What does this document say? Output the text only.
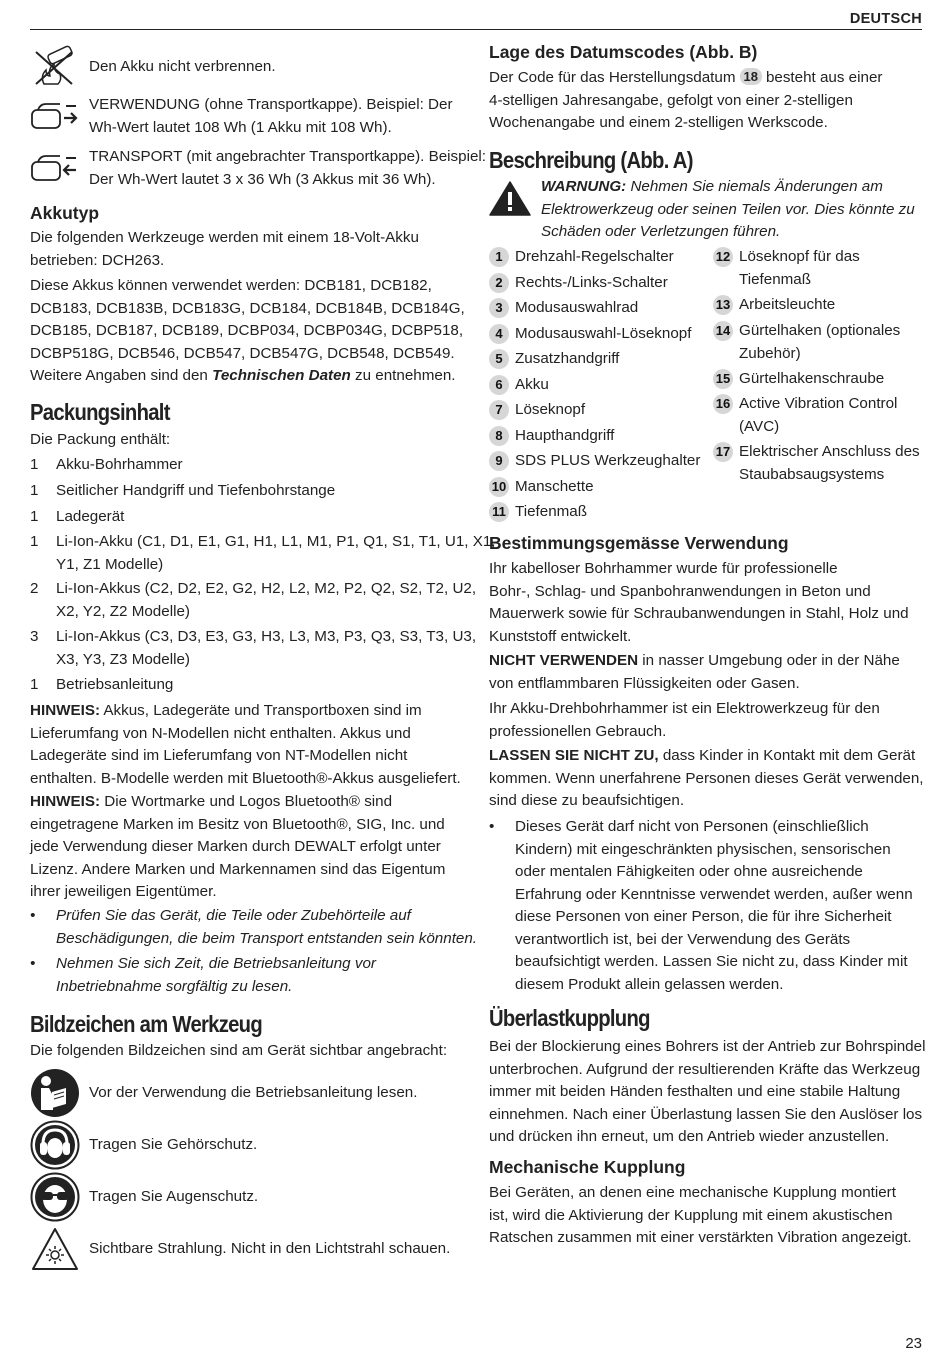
DEUTSCH
Den Akku nicht verbrennen.
VERWENDUNG (ohne Transportkappe). Beispiel: Der
Wh-Wert lautet 108 Wh (1 Akku mit 108 Wh).
TRANSPORT (mit angebrachter Transportkappe). Beispiel:
Der Wh-Wert lautet 3 x 36 Wh (3 Akkus mit 36 Wh).
Akkutyp

Die folgenden Werkzeuge werden mit einem 18-Volt-Akku

betrieben: DCH263.

Diese Akkus können verwendet werden: DCB181, DCB182,

DCB183, DCB183B, DCB183G, DCB184, DCB184B, DCB184G,

DCB185, DCB187, DCB189, DCBP034, DCBP034G, DCBP518,

DCBP518G, DCB546, DCB547, DCB547G, DCB548, DCB549.

Weitere Angaben sind den Technischen Daten zu entnehmen.
Packungsinhalt
Die Packung enthält:
1 Akku-Bohrhammer
1 Seitlicher Handgriff und Tiefenbohrstange
1 Ladegerät
1 Li-Ion-Akku (C1, D1, E1, G1, H1, L1, M1, P1, Q1, S1, T1, U1, X1,
Y1, Z1 Modelle)
2 Li-Ion-Akkus (C2, D2, E2, G2, H2, L2, M2, P2, Q2, S2, T2, U2,
X2, Y2, Z2 Modelle)
3 Li-Ion-Akkus (C3, D3, E3, G3, H3, L3, M3, P3, Q3, S3, T3, U3,
X3, Y3, Z3 Modelle)
1 Betriebsanleitung

HINWEIS: Akkus, Ladegeräte und Transportboxen sind im

Lieferumfang von N-Modellen nicht enthalten. Akkus und

Ladegeräte sind im Lieferumfang von NT-Modellen nicht

enthalten. B-Modelle werden mit Bluetooth®-Akkus ausgeliefert.

HINWEIS: Die Wortmarke und Logos Bluetooth® sind

eingetragene Marken im Besitz von Bluetooth®, SIG, Inc. und

jede Verwendung dieser Marken durch DEWALT erfolgt unter

Lizenz. Andere Marken und Markennamen sind das Eigentum

ihrer jeweiligen Eigentümer.

• Prüfen Sie das Gerät, die Teile oder Zubehörteile auf
Beschädigungen, die beim Transport entstanden sein könnten.
• Nehmen Sie sich Zeit, die Betriebsanleitung vor
Inbetriebnahme sorgfältig zu lesen.
Bildzeichen am Werkzeug
Die folgenden Bildzeichen sind am Gerät sichtbar angebracht:
Vor der Verwendung die Betriebsanleitung lesen.
Tragen Sie Gehörschutz.
Tragen Sie Augenschutz.
Sichtbare Strahlung. Nicht in den Lichtstrahl schauen.
Lage des Datumscodes (Abb. B)

Der Code für das Herstellungsdatum 18 besteht aus einer

4-stelligen Jahresangabe, gefolgt von einer 2-stelligen

Wochenangabe und einem 2-stelligen Werkscode.

Beschreibung (Abb. A)

WARNUNG: Nehmen Sie niemals Änderungen am

Elektrowerkzeug oder seinen Teilen vor. Dies könnte zu

Schäden oder Verletzungen führen.

1 Drehzahl-Regelschalter
2 Rechts-/Links-Schalter
3 Modusauswahlrad
4 Modusauswahl-Löseknopf
5 Zusatzhandgriff
6 Akku
7 Löseknopf
8 Haupthandgriff
9 SDS PLUS Werkzeughalter
10 Manschette
11 Tiefenmaß
12 Löseknopf für das
Tiefenmaß
13 Arbeitsleuchte
14 Gürtelhaken (optionales
Zubehör)
15 Gürtelhakenschraube
16 Active Vibration Control
(AVC)
17 Elektrischer Anschluss des
Staubabsaugsystems
Bestimmungsgemässe Verwendung

Ihr kabelloser Bohrhammer wurde für professionelle

Bohr-, Schlag- und Spanbohranwendungen in Beton und

Mauerwerk sowie für Schraubanwendungen in Stahl, Holz und

Kunststoff entwickelt.

NICHT VERWENDEN in nasser Umgebung oder in der Nähe

von entflammbaren Flüssigkeiten oder Gasen.

Ihr Akku-Drehbohrhammer ist ein Elektrowerkzeug für den

professionellen Gebrauch.

LASSEN SIE NICHT ZU, dass Kinder in Kontakt mit dem Gerät

kommen. Wenn unerfahrene Personen dieses Gerät verwenden,

sind diese zu beaufsichtigen.

• Dieses Gerät darf nicht von Personen (einschließlich
Kindern) mit eingeschränkten physischen, sensorischen
oder mentalen Fähigkeiten oder ohne ausreichende
Erfahrung oder Kenntnisse verwendet werden, außer wenn
diese Personen von einer Person, die für ihre Sicherheit
verantwortlich ist, bei der Verwendung des Geräts
beaufsichtigt werden. Lassen Sie nicht zu, dass Kinder mit
diesem Produkt allein gelassen werden.
Überlastkupplung

Bei der Blockierung eines Bohrers ist der Antrieb zur Bohrspindel

unterbrochen. Aufgrund der resultierenden Kräfte das Werkzeug

immer mit beiden Händen festhalten und eine stabile Haltung

einnehmen. Nach einer Überlastung lassen Sie den Auslöser los

und drücken ihn erneut, um den Antrieb wieder anzustellen.

Mechanische Kupplung

Bei Geräten, an denen eine mechanische Kupplung montiert

ist, wird die Aktivierung der Kupplung mit einem akustischen

Ratschen zusammen mit einer verstärkten Vibration angezeigt.

23
